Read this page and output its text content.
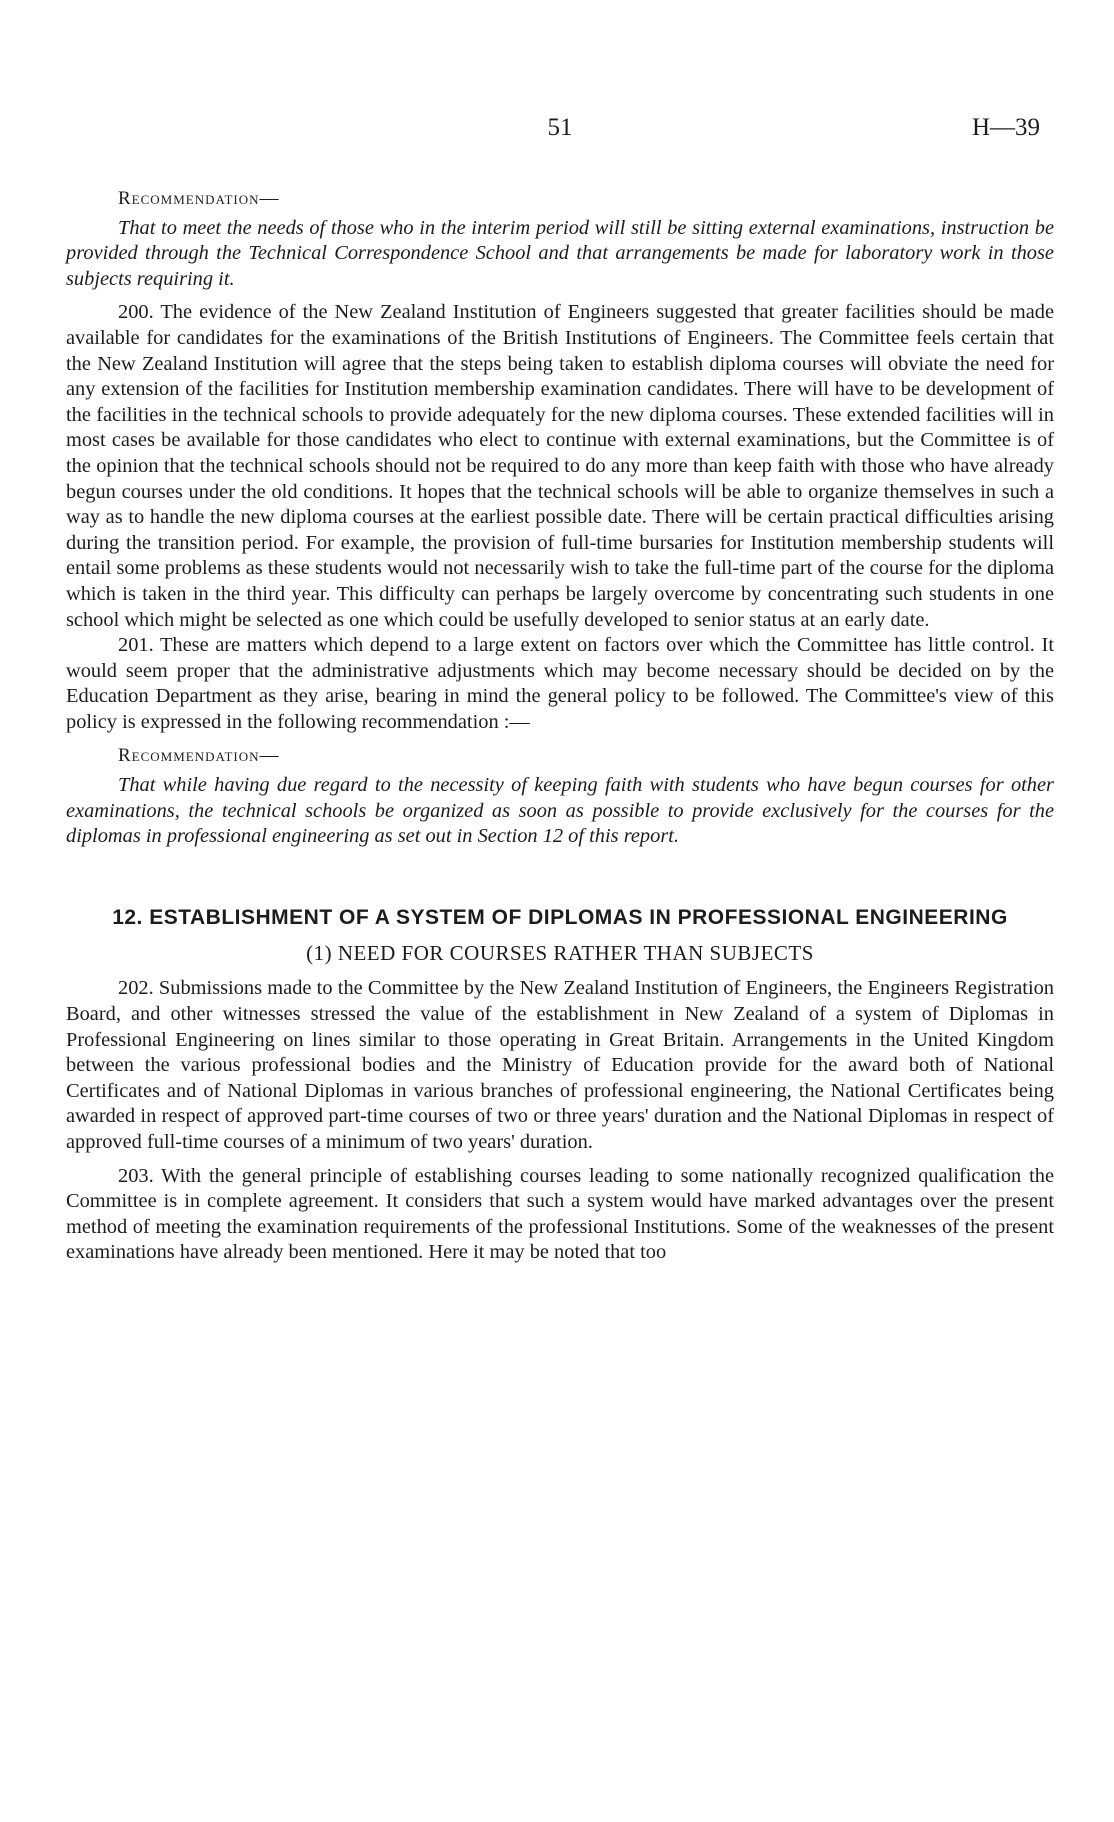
51	H—39
Recommendation—

That to meet the needs of those who in the interim period will still be sitting external examinations, instruction be provided through the Technical Correspondence School and that arrangements be made for laboratory work in those subjects requiring it.

200. The evidence of the New Zealand Institution of Engineers suggested that greater facilities should be made available for candidates for the examinations of the British Institutions of Engineers. The Committee feels certain that the New Zealand Institution will agree that the steps being taken to establish diploma courses will obviate the need for any extension of the facilities for Institution membership examination candidates. There will have to be development of the facilities in the technical schools to provide adequately for the new diploma courses. These extended facilities will in most cases be available for those candidates who elect to continue with external examinations, but the Committee is of the opinion that the technical schools should not be required to do any more than keep faith with those who have already begun courses under the old conditions. It hopes that the technical schools will be able to organize themselves in such a way as to handle the new diploma courses at the earliest possible date. There will be certain practical difficulties arising during the transition period. For example, the provision of full-time bursaries for Institution membership students will entail some problems as these students would not necessarily wish to take the full-time part of the course for the diploma which is taken in the third year. This difficulty can perhaps be largely overcome by concentrating such students in one school which might be selected as one which could be usefully developed to senior status at an early date.

201. These are matters which depend to a large extent on factors over which the Committee has little control. It would seem proper that the administrative adjustments which may become necessary should be decided on by the Education Department as they arise, bearing in mind the general policy to be followed. The Committee's view of this policy is expressed in the following recommendation :—

Recommendation—

That while having due regard to the necessity of keeping faith with students who have begun courses for other examinations, the technical schools be organized as soon as possible to provide exclusively for the courses for the diplomas in professional engineering as set out in Section 12 of this report.

12. ESTABLISHMENT OF A SYSTEM OF DIPLOMAS IN PROFESSIONAL ENGINEERING
(1) NEED FOR COURSES RATHER THAN SUBJECTS

202. Submissions made to the Committee by the New Zealand Institution of Engineers, the Engineers Registration Board, and other witnesses stressed the value of the establishment in New Zealand of a system of Diplomas in Professional Engineering on lines similar to those operating in Great Britain. Arrangements in the United Kingdom between the various professional bodies and the Ministry of Education provide for the award both of National Certificates and of National Diplomas in various branches of professional engineering, the National Certificates being awarded in respect of approved part-time courses of two or three years' duration and the National Diplomas in respect of approved full-time courses of a minimum of two years' duration.

203. With the general principle of establishing courses leading to some nationally recognized qualification the Committee is in complete agreement. It considers that such a system would have marked advantages over the present method of meeting the examination requirements of the professional Institutions. Some of the weaknesses of the present examinations have already been mentioned. Here it may be noted that too
